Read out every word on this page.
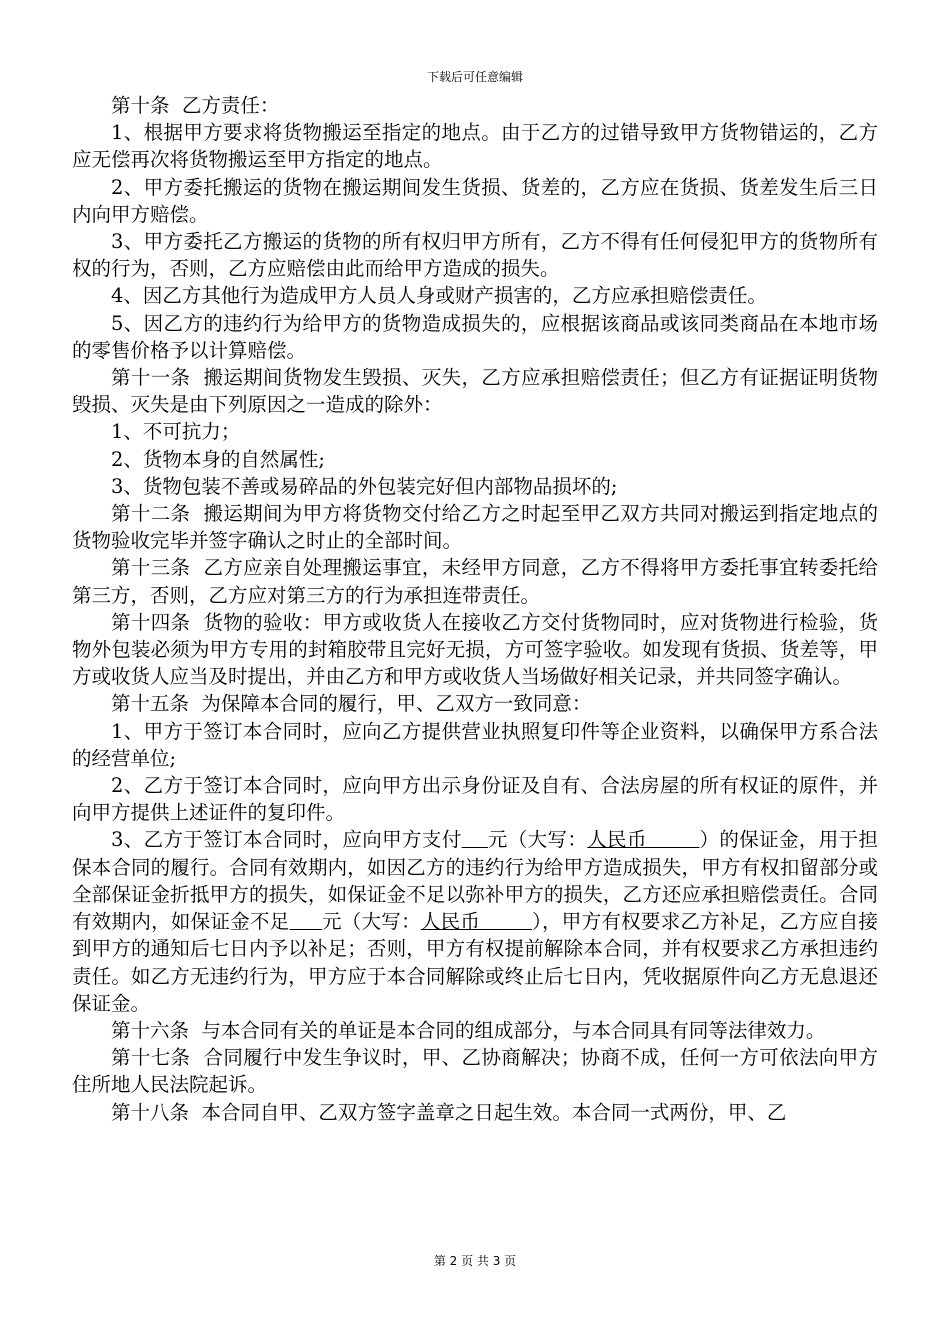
下载后可任意编辑

第十条  乙方责任：

1、根据甲方要求将货物搬运至指定的地点。由于乙方的过错导致甲方货物错运的，乙方应无偿再次将货物搬运至甲方指定的地点。

2、甲方委托搬运的货物在搬运期间发生货损、货差的，乙方应在货损、货差发生后三日内向甲方赔偿。

3、甲方委托乙方搬运的货物的所有权归甲方所有，乙方不得有任何侵犯甲方的货物所有权的行为，否则，乙方应赔偿由此而给甲方造成的损失。

4、因乙方其他行为造成甲方人员人身或财产损害的，乙方应承担赔偿责任。

5、因乙方的违约行为给甲方的货物造成损失的，应根据该商品或该同类商品在本地市场的零售价格予以计算赔偿。

第十一条  搬运期间货物发生毁损、灭失，乙方应承担赔偿责任；但乙方有证据证明货物毁损、灭失是由下列原因之一造成的除外：

1、不可抗力；

2、货物本身的自然属性;

3、货物包装不善或易碎品的外包装完好但内部物品损坏的;

第十二条  搬运期间为甲方将货物交付给乙方之时起至甲乙双方共同对搬运到指定地点的货物验收完毕并签字确认之时止的全部时间。

第十三条  乙方应亲自处理搬运事宜，未经甲方同意，乙方不得将甲方委托事宜转委托给第三方，否则，乙方应对第三方的行为承担连带责任。

第十四条  货物的验收：甲方或收货人在接收乙方交付货物同时，应对货物进行检验，货物外包装必须为甲方专用的封箱胶带且完好无损，方可签字验收。如发现有货损、货差等，甲方或收货人应当及时提出，并由乙方和甲方或收货人当场做好相关记录，并共同签字确认。

第十五条  为保障本合同的履行，甲、乙双方一致同意：

1、甲方于签订本合同时，应向乙方提供营业执照复印件等企业资料，以确保甲方系合法的经营单位;

2、乙方于签订本合同时，应向甲方出示身份证及自有、合法房屋的所有权证的原件，并向甲方提供上述证件的复印件。

3、乙方于签订本合同时，应向甲方支付 元（大写：人民币        ）的保证金，用于担保本合同的履行。合同有效期内，如因乙方的违约行为给甲方造成损失，甲方有权扣留部分或全部保证金折抵甲方的损失，如保证金不足以弥补甲方的损失，乙方还应承担赔偿责任。合同有效期内，如保证金不足 元（大写：人民币        ），甲方有权要求乙方补足，乙方应自接到甲方的通知后七日内予以补足；否则，甲方有权提前解除本合同，并有权要求乙方承担违约责任。如乙方无违约行为，甲方应于本合同解除或终止后七日内，凭收据原件向乙方无息退还保证金。

第十六条  与本合同有关的单证是本合同的组成部分，与本合同具有同等法律效力。

第十七条  合同履行中发生争议时，甲、乙协商解决；协商不成，任何一方可依法向甲方住所地人民法院起诉。

第十八条  本合同自甲、乙双方签字盖章之日起生效。本合同一式两份，甲、乙

第 2 页 共 3 页
